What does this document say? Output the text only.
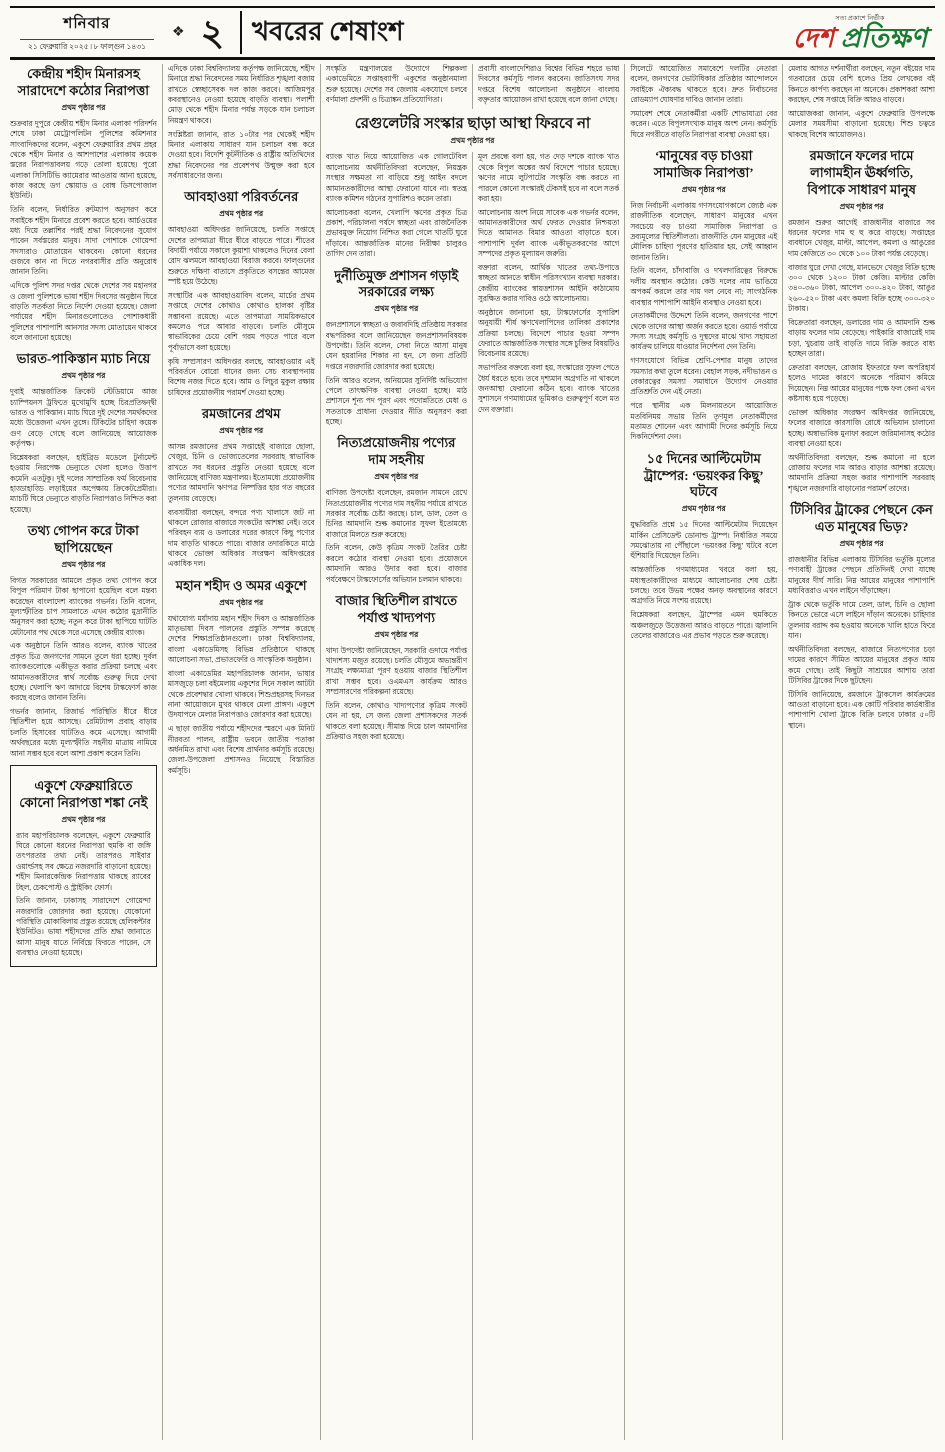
শনিবার
২১ ফেব্রুয়ারি ২০২৫ ৷ ৮ ফাল্গুন ১৪৩১
❖ ২ খবরের শেষাংশ	সত্য প্রকাশে নির্ভীক
দেশ প্রতিক্ষণ
কেন্দ্রীয় শহীদ মিনারসহ সারাদেশে কঠোর নিরাপত্তা
প্রথম পৃষ্ঠার পর

শুক্রবার দুপুরে কেন্দ্রীয় শহীদ মিনার এলাকা পরিদর্শন শেষে ঢাকা মেট্রোপলিটন পুলিশের কমিশনার সাংবাদিকদের বলেন, একুশে ফেব্রুয়ারির প্রথম প্রহর থেকে শহীদ মিনার ও আশপাশের এলাকায় কয়েক স্তরের নিরাপত্তাবলয় গড়ে তোলা হয়েছে। পুরো এলাকা সিসিটিভি ক্যামেরার আওতায় আনা হয়েছে, কাজ করছে ডগ স্কোয়াড ও বোম্ব ডিসপোজাল ইউনিট।

তিনি বলেন, নির্ধারিত রুটম্যাপ অনুসরণ করে সবাইকে শহীদ মিনারে প্রবেশ করতে হবে। আর্চওয়ের মধ্য দিয়ে তল্লাশির পরই শ্রদ্ধা নিবেদনের সুযোগ পাবেন সর্বস্তরের মানুষ। সাদা পোশাকে গোয়েন্দা সদস্যরাও মোতায়েন থাকবেন। কোনো ধরনের গুজবে কান না দিতে নগরবাসীর প্রতি অনুরোধ জানান তিনি।

এদিকে পুলিশ সদর দপ্তর থেকে দেশের সব মহানগর ও জেলা পুলিশকে ভাষা শহীদ দিবসের অনুষ্ঠান ঘিরে বাড়তি সতর্কতা নিতে নির্দেশ দেওয়া হয়েছে। জেলা পর্যায়ের শহীদ মিনারগুলোতেও পোশাকধারী পুলিশের পাশাপাশি আনসার সদস্য মোতায়েন থাকবে বলে জানানো হয়েছে।

ভারত-পাকিস্তান ম্যাচ নিয়ে
প্রথম পৃষ্ঠার পর

দুবাই আন্তর্জাতিক ক্রিকেট স্টেডিয়ামে আজ চ্যাম্পিয়নস ট্রফিতে মুখোমুখি হচ্ছে চিরপ্রতিদ্বন্দ্বী ভারত ও পাকিস্তান। ম্যাচ ঘিরে দুই দেশের সমর্থকদের মধ্যে উত্তেজনা এখন তুঙ্গে। টিকিটের চাহিদা কয়েক গুণ বেড়ে গেছে বলে জানিয়েছে আয়োজক কর্তৃপক্ষ।

বিশ্লেষকরা বলছেন, হাইব্রিড মডেলে টুর্নামেন্ট হওয়ায় নিরপেক্ষ ভেন্যুতে খেলা হলেও উত্তাপ কমেনি এতটুকু। দুই দলের সাম্প্রতিক ফর্ম বিবেচনায় হাড্ডাহাড্ডি লড়াইয়ের অপেক্ষায় ক্রিকেটপ্রেমীরা। ম্যাচটি ঘিরে ভেন্যুতে বাড়তি নিরাপত্তাও নিশ্চিত করা হয়েছে।

তথ্য গোপন করে টাকা ছাপিয়েছেন
প্রথম পৃষ্ঠার পর

বিগত সরকারের আমলে প্রকৃত তথ্য গোপন করে বিপুল পরিমাণ টাকা ছাপানো হয়েছিল বলে মন্তব্য করেছেন বাংলাদেশ ব্যাংকের গভর্নর। তিনি বলেন, মূল্যস্ফীতির চাপ সামলাতে এখন কঠোর মুদ্রানীতি অনুসরণ করা হচ্ছে; নতুন করে টাকা ছাপিয়ে ঘাটতি মেটানোর পথ থেকে সরে এসেছে কেন্দ্রীয় ব্যাংক।

এক অনুষ্ঠানে তিনি আরও বলেন, ব্যাংক খাতের প্রকৃত চিত্র জনগণের সামনে তুলে ধরা হচ্ছে। দুর্বল ব্যাংকগুলোকে একীভূত করার প্রক্রিয়া চলছে এবং আমানতকারীদের স্বার্থ সর্বোচ্চ গুরুত্ব দিয়ে দেখা হচ্ছে। খেলাপি ঋণ আদায়ে বিশেষ টাস্কফোর্স কাজ করছে বলেও জানান তিনি।

গভর্নর জানান, রিজার্ভ পরিস্থিতি ধীরে ধীরে স্থিতিশীল হয়ে আসছে। রেমিট্যান্স প্রবাহ বাড়ায় চলতি হিসাবের ঘাটতিও কমে এসেছে। আগামী অর্থবছরের মধ্যে মূল্যস্ফীতি সহনীয় মাত্রায় নামিয়ে আনা সম্ভব হবে বলে আশা প্রকাশ করেন তিনি।

একুশে ফেব্রুয়ারিতে কোনো নিরাপত্তা শঙ্কা নেই
প্রথম পৃষ্ঠার পর

র‌্যাব মহাপরিচালক বলেছেন, একুশে ফেব্রুয়ারি ঘিরে কোনো ধরনের নিরাপত্তা হুমকি বা জঙ্গি তৎপরতার তথ্য নেই। তারপরও সাইবার ওয়ার্ল্ডসহ সব ক্ষেত্রে নজরদারি বাড়ানো হয়েছে। শহীদ মিনারকেন্দ্রিক নিরাপত্তায় থাকছে র‌্যাবের টহল, চেকপোস্ট ও স্ট্রাইকিং ফোর্স।

তিনি জানান, ঢাকাসহ সারাদেশে গোয়েন্দা নজরদারি জোরদার করা হয়েছে। যেকোনো পরিস্থিতি মোকাবিলায় প্রস্তুত রয়েছে হেলিকপ্টার ইউনিটও। ভাষা শহীদদের প্রতি শ্রদ্ধা জানাতে আসা মানুষ যাতে নির্বিঘ্নে ফিরতে পারেন, সে ব্যবস্থাও নেওয়া হয়েছে।

এদিকে ঢাকা বিশ্ববিদ্যালয় কর্তৃপক্ষ জানিয়েছে, শহীদ মিনারে শ্রদ্ধা নিবেদনের সময় নির্ধারিত শৃঙ্খলা বজায় রাখতে স্বেচ্ছাসেবক দল কাজ করবে। আজিমপুর কবরস্থানেও নেওয়া হয়েছে বাড়তি ব্যবস্থা। পলাশী মোড় থেকে শহীদ মিনার পর্যন্ত সড়কে যান চলাচল নিয়ন্ত্রণ থাকবে।

সংশ্লিষ্টরা জানান, রাত ১০টার পর থেকেই শহীদ মিনার এলাকায় সাধারণ যান চলাচল বন্ধ করে দেওয়া হবে। বিদেশি কূটনীতিক ও রাষ্ট্রীয় অতিথিদের শ্রদ্ধা নিবেদনের পর প্রবেশপথ উন্মুক্ত করা হবে সর্বসাধারণের জন্য।

আবহাওয়া পরিবর্তনের
প্রথম পৃষ্ঠার পর

আবহাওয়া অধিদপ্তর জানিয়েছে, চলতি সপ্তাহে দেশের তাপমাত্রা ধীরে ধীরে বাড়তে পারে। শীতের বিদায়ী পর্যায়ে সকালে কুয়াশা থাকলেও দিনের বেলা রোদ ঝলমলে আবহাওয়া বিরাজ করবে। ফাল্গুনের শুরুতে দক্ষিণা বাতাসে প্রকৃতিতে বসন্তের আমেজ স্পষ্ট হয়ে উঠেছে।

সংস্থাটির এক আবহাওয়াবিদ বলেন, মার্চের প্রথম সপ্তাহে দেশের কোথাও কোথাও হালকা বৃষ্টির সম্ভাবনা রয়েছে। এতে তাপমাত্রা সাময়িকভাবে কমলেও পরে আবার বাড়বে। চলতি মৌসুমে স্বাভাবিকের চেয়ে বেশি গরম পড়তে পারে বলে পূর্বাভাসে বলা হয়েছে।

কৃষি সম্প্রসারণ অধিদপ্তর বলছে, আবহাওয়ার এই পরিবর্তনে বোরো ধানের জন্য সেচ ব্যবস্থাপনায় বিশেষ নজর দিতে হবে। আম ও লিচুর মুকুল রক্ষায় চাষিদের প্রয়োজনীয় পরামর্শ দেওয়া হচ্ছে।

রমজানের প্রথম
প্রথম পৃষ্ঠার পর

আসন্ন রমজানের প্রথম সপ্তাহেই বাজারে ছোলা, খেজুর, চিনি ও ভোজ্যতেলের সরবরাহ স্বাভাবিক রাখতে সব ধরনের প্রস্তুতি নেওয়া হয়েছে বলে জানিয়েছে বাণিজ্য মন্ত্রণালয়। ইতোমধ্যে প্রয়োজনীয় পণ্যের আমদানি ঋণপত্র নিষ্পত্তির হার গত বছরের তুলনায় বেড়েছে।

ব্যবসায়ীরা বলছেন, বন্দরে পণ্য খালাসে জট না থাকলে রোজার বাজারে সংকটের আশঙ্কা নেই। তবে পরিবহন ব্যয় ও ডলারের দরের কারণে কিছু পণ্যের দাম বাড়তি থাকতে পারে। বাজার তদারকিতে মাঠে থাকবে ভোক্তা অধিকার সংরক্ষণ অধিদপ্তরের একাধিক দল।

মহান শহীদ ও অমর একুশে
প্রথম পৃষ্ঠার পর

যথাযোগ্য মর্যাদায় মহান শহীদ দিবস ও আন্তর্জাতিক মাতৃভাষা দিবস পালনের প্রস্তুতি সম্পন্ন করেছে দেশের শিক্ষাপ্রতিষ্ঠানগুলো। ঢাকা বিশ্ববিদ্যালয়, বাংলা একাডেমিসহ বিভিন্ন প্রতিষ্ঠানে থাকছে আলোচনা সভা, প্রভাতফেরি ও সাংস্কৃতিক অনুষ্ঠান।

বাংলা একাডেমির মহাপরিচালক জানান, ভাষার মাসজুড়ে চলা বইমেলায় একুশের দিনে সকাল আটটা থেকে প্রবেশদ্বার খোলা থাকবে। শিশুপ্রহরসহ দিনভর নানা আয়োজনে মুখর থাকবে মেলা প্রাঙ্গণ। একুশে উদযাপনে মেলার নিরাপত্তাও জোরদার করা হয়েছে।

এ ছাড়া জাতীয় পর্যায়ে শহীদদের স্মরণে এক মিনিট নীরবতা পালন, রাষ্ট্রীয় ভবনে জাতীয় পতাকা অর্ধনমিত রাখা এবং বিশেষ প্রার্থনার কর্মসূচি রয়েছে। জেলা-উপজেলা প্রশাসনও নিয়েছে বিস্তারিত কর্মসূচি।

সংস্কৃতি মন্ত্রণালয়ের উদ্যোগে শিল্পকলা একাডেমিতে সপ্তাহব্যাপী একুশের অনুষ্ঠানমালা শুরু হয়েছে। দেশের সব জেলায় একযোগে চলবে বর্ণমালা প্রদর্শনী ও চিত্রাঙ্কন প্রতিযোগিতা।

প্রবাসী বাংলাদেশিরাও বিশ্বের বিভিন্ন শহরে ভাষা দিবসের কর্মসূচি পালন করবেন। জাতিসংঘ সদর দপ্তরে বিশেষ আলোচনা অনুষ্ঠানে বাংলায় বক্তৃতার আয়োজন রাখা হয়েছে বলে জানা গেছে।

রেগুলেটরি সংস্কার ছাড়া আস্থা ফিরবে না
প্রথম পৃষ্ঠার পর

ব্যাংক খাত নিয়ে আয়োজিত এক গোলটেবিল আলোচনায় অর্থনীতিবিদরা বলেছেন, নিয়ন্ত্রক সংস্থার সক্ষমতা না বাড়িয়ে শুধু আইন বদলে আমানতকারীদের আস্থা ফেরানো যাবে না। স্বতন্ত্র ব্যাংক কমিশন গঠনের সুপারিশও করেন তারা।

আলোচকরা বলেন, খেলাপি ঋণের প্রকৃত চিত্র প্রকাশ, পরিচালনা পর্ষদে স্বচ্ছতা এবং রাজনৈতিক প্রভাবমুক্ত নিয়োগ নিশ্চিত করা গেলে খাতটি ঘুরে দাঁড়াবে। আন্তর্জাতিক মানের নিরীক্ষা চালুরও তাগিদ দেন তারা।

দুর্নীতিমুক্ত প্রশাসন গড়াই সরকারের লক্ষ্য
প্রথম পৃষ্ঠার পর

জনপ্রশাসনে স্বচ্ছতা ও জবাবদিহি প্রতিষ্ঠায় সরকার বদ্ধপরিকর বলে জানিয়েছেন জনপ্রশাসনবিষয়ক উপদেষ্টা। তিনি বলেন, সেবা নিতে আসা মানুষ যেন হয়রানির শিকার না হন, সে জন্য প্রতিটি দপ্তরে নজরদারি জোরদার করা হয়েছে।

তিনি আরও বলেন, অনিয়মের সুনির্দিষ্ট অভিযোগ পেলে তাৎক্ষণিক ব্যবস্থা নেওয়া হচ্ছে। মাঠ প্রশাসনে শূন্য পদ পূরণ এবং পদোন্নতিতে মেধা ও সততাকে প্রাধান্য দেওয়ার নীতি অনুসরণ করা হচ্ছে।

নিত্যপ্রয়োজনীয় পণ্যের দাম সহনীয়
প্রথম পৃষ্ঠার পর

বাণিজ্য উপদেষ্টা বলেছেন, রমজান সামনে রেখে নিত্যপ্রয়োজনীয় পণ্যের দাম সহনীয় পর্যায়ে রাখতে সরকার সর্বোচ্চ চেষ্টা করছে। চাল, ডাল, তেল ও চিনির আমদানি শুল্ক কমানোর সুফল ইতোমধ্যে বাজারে মিলতে শুরু করেছে।

তিনি বলেন, কেউ কৃত্রিম সংকট তৈরির চেষ্টা করলে কঠোর ব্যবস্থা নেওয়া হবে। প্রয়োজনে আমদানি আরও উদার করা হবে। বাজার পর্যবেক্ষণে টাস্কফোর্সের অভিযান চলমান থাকবে।

বাজার স্থিতিশীল রাখতে পর্যাপ্ত খাদ্যপণ্য
প্রথম পৃষ্ঠার পর

খাদ্য উপদেষ্টা জানিয়েছেন, সরকারি গুদামে পর্যাপ্ত খাদ্যশস্য মজুত রয়েছে। চলতি মৌসুমে অভ্যন্তরীণ সংগ্রহ লক্ষ্যমাত্রা পূরণ হওয়ায় বাজার স্থিতিশীল রাখা সম্ভব হবে। ওএমএস কার্যক্রম আরও সম্প্রসারণের পরিকল্পনা রয়েছে।

তিনি বলেন, কোথাও খাদ্যপণ্যের কৃত্রিম সংকট যেন না হয়, সে জন্য জেলা প্রশাসকদের সতর্ক থাকতে বলা হয়েছে। সীমান্ত দিয়ে চাল আমদানির প্রক্রিয়াও সহজ করা হয়েছে।

মূল প্রবন্ধে বলা হয়, গত দেড় দশকে ব্যাংক খাত থেকে বিপুল অঙ্কের অর্থ বিদেশে পাচার হয়েছে। ঋণের নামে লুটপাটের সংস্কৃতি বন্ধ করতে না পারলে কোনো সংস্কারই টেকসই হবে না বলে সতর্ক করা হয়।

আলোচনায় অংশ নিয়ে সাবেক এক গভর্নর বলেন, আমানতকারীদের অর্থ ফেরত দেওয়ার নিশ্চয়তা দিতে আমানত বিমার আওতা বাড়াতে হবে। পাশাপাশি দুর্বল ব্যাংক একীভূতকরণের আগে সম্পদের প্রকৃত মূল্যায়ন জরুরি।

বক্তারা বলেন, আর্থিক খাতের তথ্য-উপাত্তে স্বচ্ছতা আনতে স্বাধীন পরিসংখ্যান ব্যবস্থা দরকার। কেন্দ্রীয় ব্যাংকের স্বায়ত্তশাসন আইনি কাঠামোয় সুরক্ষিত করার দাবিও ওঠে আলোচনায়।

অনুষ্ঠানে জানানো হয়, টাস্কফোর্সের সুপারিশ অনুযায়ী শীর্ষ ঋণখেলাপিদের তালিকা প্রকাশের প্রক্রিয়া চলছে। বিদেশে পাচার হওয়া সম্পদ ফেরাতে আন্তর্জাতিক সংস্থার সঙ্গে চুক্তির বিষয়টিও বিবেচনায় রয়েছে।

সভাপতির বক্তব্যে বলা হয়, সংস্কারের সুফল পেতে ধৈর্য ধরতে হবে। তবে দৃশ্যমান অগ্রগতি না থাকলে জনআস্থা ফেরানো কঠিন হবে। ব্যাংক খাতের সুশাসনে গণমাধ্যমের ভূমিকাও গুরুত্বপূর্ণ বলে মত দেন বক্তারা।

সিলেটে আয়োজিত সমাবেশে দলটির নেতারা বলেন, জনগণের ভোটাধিকার প্রতিষ্ঠার আন্দোলনে সবাইকে ঐক্যবদ্ধ থাকতে হবে। দ্রুত নির্বাচনের রোডম্যাপ ঘোষণার দাবিও জানান তারা।

সমাবেশ শেষে নেতাকর্মীরা একটি শোভাযাত্রা বের করেন। এতে বিপুলসংখ্যক মানুষ অংশ নেন। কর্মসূচি ঘিরে নগরীতে বাড়তি নিরাপত্তা ব্যবস্থা নেওয়া হয়।

‘মানুষের বড় চাওয়া সামাজিক নিরাপত্তা’
প্রথম পৃষ্ঠার পর

নিজ নির্বাচনী এলাকায় গণসংযোগকালে জ্যেষ্ঠ এক রাজনীতিক বলেছেন, সাধারণ মানুষের এখন সবচেয়ে বড় চাওয়া সামাজিক নিরাপত্তা ও দ্রব্যমূল্যের স্থিতিশীলতা। রাজনীতি যেন মানুষের এই মৌলিক চাহিদা পূরণের হাতিয়ার হয়, সেই আহ্বান জানান তিনি।

তিনি বলেন, চাঁদাবাজি ও দখলদারিত্বের বিরুদ্ধে দলীয় অবস্থান কঠোর। কেউ দলের নাম ভাঙিয়ে অপকর্ম করলে তার দায় দল নেবে না; সাংগঠনিক ব্যবস্থার পাশাপাশি আইনি ব্যবস্থাও নেওয়া হবে।

নেতাকর্মীদের উদ্দেশে তিনি বলেন, জনগণের পাশে থেকে তাদের আস্থা অর্জন করতে হবে। ওয়ার্ড পর্যায়ে সদস্য সংগ্রহ কর্মসূচি ও দুস্থদের মাঝে খাদ্য সহায়তা কার্যক্রম চালিয়ে যাওয়ার নির্দেশনা দেন তিনি।

গণসংযোগে বিভিন্ন শ্রেণি-পেশার মানুষ তাদের সমস্যার কথা তুলে ধরেন। বেহাল সড়ক, নদীভাঙন ও বেকারত্বের সমস্যা সমাধানে উদ্যোগ নেওয়ার প্রতিশ্রুতি দেন এই নেতা।

পরে স্থানীয় এক মিলনায়তনে আয়োজিত মতবিনিময় সভায় তিনি তৃণমূল নেতাকর্মীদের মতামত শোনেন এবং আগামী দিনের কর্মসূচি নিয়ে দিকনির্দেশনা দেন।

১৫ দিনের আল্টিমেটাম ট্রাম্পের: ‘ভয়ংকর কিছু’ ঘটবে
প্রথম পৃষ্ঠার পর

যুদ্ধবিরতি প্রশ্নে ১৫ দিনের আল্টিমেটাম দিয়েছেন মার্কিন প্রেসিডেন্ট ডোনাল্ড ট্রাম্প। নির্ধারিত সময়ে সমঝোতায় না পৌঁছালে ‘ভয়ংকর কিছু’ ঘটবে বলে হুঁশিয়ারি দিয়েছেন তিনি।

আন্তর্জাতিক গণমাধ্যমের খবরে বলা হয়, মধ্যস্থতাকারীদের মাধ্যমে আলোচনার শেষ চেষ্টা চলছে। তবে উভয় পক্ষের অনড় অবস্থানের কারণে অগ্রগতি নিয়ে সংশয় রয়েছে।

বিশ্লেষকরা বলছেন, ট্রাম্পের এমন হুমকিতে অঞ্চলজুড়ে উত্তেজনা আরও বাড়তে পারে। জ্বালানি তেলের বাজারেও এর প্রভাব পড়তে শুরু করেছে।

মেলায় আগত দর্শনার্থীরা বলছেন, নতুন বইয়ের দাম গতবারের চেয়ে বেশি হলেও প্রিয় লেখকের বই কিনতে কার্পণ্য করছেন না অনেকে। প্রকাশকরা আশা করছেন, শেষ সপ্তাহে বিক্রি আরও বাড়বে।

আয়োজকরা জানান, একুশে ফেব্রুয়ারি উপলক্ষে মেলার সময়সীমা বাড়ানো হয়েছে। শিশু চত্বরে থাকছে বিশেষ আয়োজনও।

রমজানে ফলের দামে লাগামহীন ঊর্ধ্বগতি, বিপাকে সাধারণ মানুষ
প্রথম পৃষ্ঠার পর

রমজান শুরুর আগেই রাজধানীর বাজারে সব ধরনের ফলের দাম হু হু করে বাড়ছে। সপ্তাহের ব্যবধানে খেজুর, মাল্টা, আপেল, কমলা ও আঙুরের দাম কেজিতে ৩০ থেকে ১০০ টাকা পর্যন্ত বেড়েছে।

বাজার ঘুরে দেখা গেছে, মানভেদে খেজুর বিক্রি হচ্ছে ৩০০ থেকে ১২০০ টাকা কেজি। মাল্টার কেজি ৩৪০-৩৬০ টাকা, আপেল ৩০০-৪২০ টাকা, আঙুর ২৬০-৫২০ টাকা এবং কমলা বিক্রি হচ্ছে ৩০০-৩২০ টাকায়।

বিক্রেতারা বলছেন, ডলারের দাম ও আমদানি শুল্ক বাড়ায় ফলের দাম বেড়েছে। পাইকারি বাজারেই দাম চড়া, খুচরায় তাই বাড়তি দামে বিক্রি করতে বাধ্য হচ্ছেন তারা।

ক্রেতারা বলছেন, রোজায় ইফতারে ফল অপরিহার্য হলেও দামের কারণে অনেকে পরিমাণ কমিয়ে দিয়েছেন। নিম্ন আয়ের মানুষের পক্ষে ফল কেনা এখন কষ্টসাধ্য হয়ে পড়েছে।

ভোক্তা অধিকার সংরক্ষণ অধিদপ্তর জানিয়েছে, ফলের বাজারে কারসাজি রোধে অভিযান চালানো হচ্ছে। অস্বাভাবিক মুনাফা করলে জরিমানাসহ কঠোর ব্যবস্থা নেওয়া হবে।

অর্থনীতিবিদরা বলছেন, শুল্ক কমানো না হলে রোজায় ফলের দাম আরও বাড়ার আশঙ্কা রয়েছে। আমদানি প্রক্রিয়া সহজ করার পাশাপাশি সরবরাহ শৃঙ্খলে নজরদারি বাড়ানোর পরামর্শ তাদের।

টিসিবির ট্রাকের পেছনে কেন এত মানুষের ভিড়?
প্রথম পৃষ্ঠার পর

রাজধানীর বিভিন্ন এলাকায় টিসিবির ভর্তুকি মূল্যের পণ্যবাহী ট্রাকের পেছনে প্রতিদিনই দেখা যাচ্ছে মানুষের দীর্ঘ সারি। নিম্ন আয়ের মানুষের পাশাপাশি মধ্যবিত্তরাও এখন লাইনে দাঁড়াচ্ছেন।

ট্রাক থেকে ভর্তুকি দামে তেল, ডাল, চিনি ও ছোলা কিনতে ভোরে এসে লাইনে দাঁড়ান অনেকে। চাহিদার তুলনায় বরাদ্দ কম হওয়ায় অনেকে খালি হাতে ফিরে যান।

অর্থনীতিবিদরা বলছেন, বাজারে নিত্যপণ্যের চড়া দামের কারণে সীমিত আয়ের মানুষের প্রকৃত আয় কমে গেছে। তাই কিছুটা সাশ্রয়ের আশায় তারা টিসিবির ট্রাকের দিকে ছুটছেন।

টিসিবি জানিয়েছে, রমজানে ট্রাকসেল কার্যক্রমের আওতা বাড়ানো হবে। এক কোটি পরিবার কার্ডধারীর পাশাপাশি খোলা ট্রাকে বিক্রি চলবে ঢাকার ৫০টি স্থানে।
